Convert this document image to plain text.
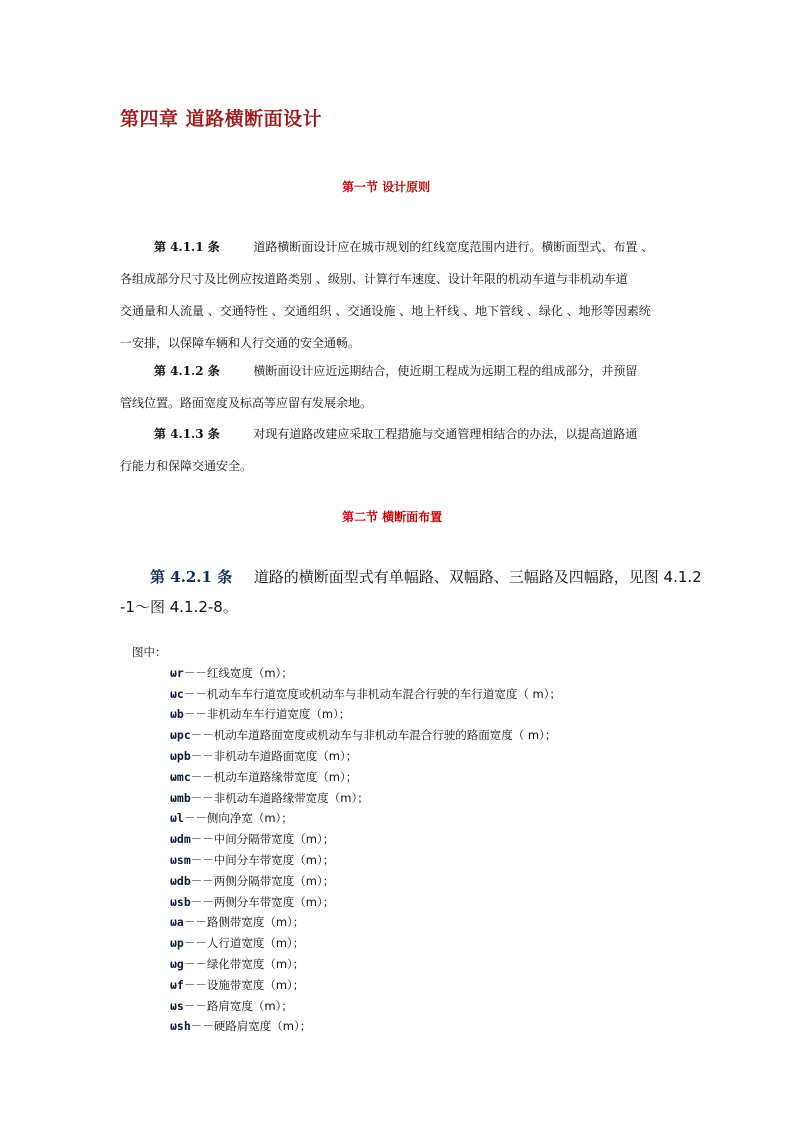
第四章 道路横断面设计
第一节 设计原则
第 4.1.1 条	道路横断面设计应在城市规划的红线宽度范围内进行。横断面型式、布置 、
各组成部分尺寸及比例应按道路类别 、级别、计算行车速度、设计年限的机动车道与非机动车道
交通量和人流量 、交通特性 、交通组织 、交通设施 、地上杆线 、地下管线 、绿化 、地形等因素统
一安排，以保障车辆和人行交通的安全通畅。
第 4.1.2 条	横断面设计应近远期结合，使近期工程成为远期工程的组成部分，并预留
管线位置。路面宽度及标高等应留有发展余地。
第 4.1.3 条	对现有道路改建应采取工程措施与交通管理相结合的办法，以提高道路通
行能力和保障交通安全。
第二节 横断面布置
第 4.2.1 条 道路的横断面型式有单幅路、双幅路、三幅路及四幅路，见图 4.1.2
-1～图 4.1.2-8。
图中：
ωr－－红线宽度（m）；
ωc－－机动车车行道宽度或机动车与非机动车混合行驶的车行道宽度（ m）；
ωb－－非机动车车行道宽度（m）；
ωpc－－机动车道路面宽度或机动车与非机动车混合行驶的路面宽度（ m）；
ωpb－－非机动车道路面宽度（m）；
ωmc－－机动车道路缘带宽度（m）；
ωmb－－非机动车道路缘带宽度（m）；
ωl－－侧向净宽（m）；
ωdm－－中间分隔带宽度（m）；
ωsm－－中间分车带宽度（m）；
ωdb－－两侧分隔带宽度（m）；
ωsb－－两侧分车带宽度（m）；
ωa－－路侧带宽度（m）；
ωp－－人行道宽度（m）；
ωg－－绿化带宽度（m）；
ωf－－设施带宽度（m）；
ωs－－路肩宽度（m）；
ωsh－－硬路肩宽度（m）；
